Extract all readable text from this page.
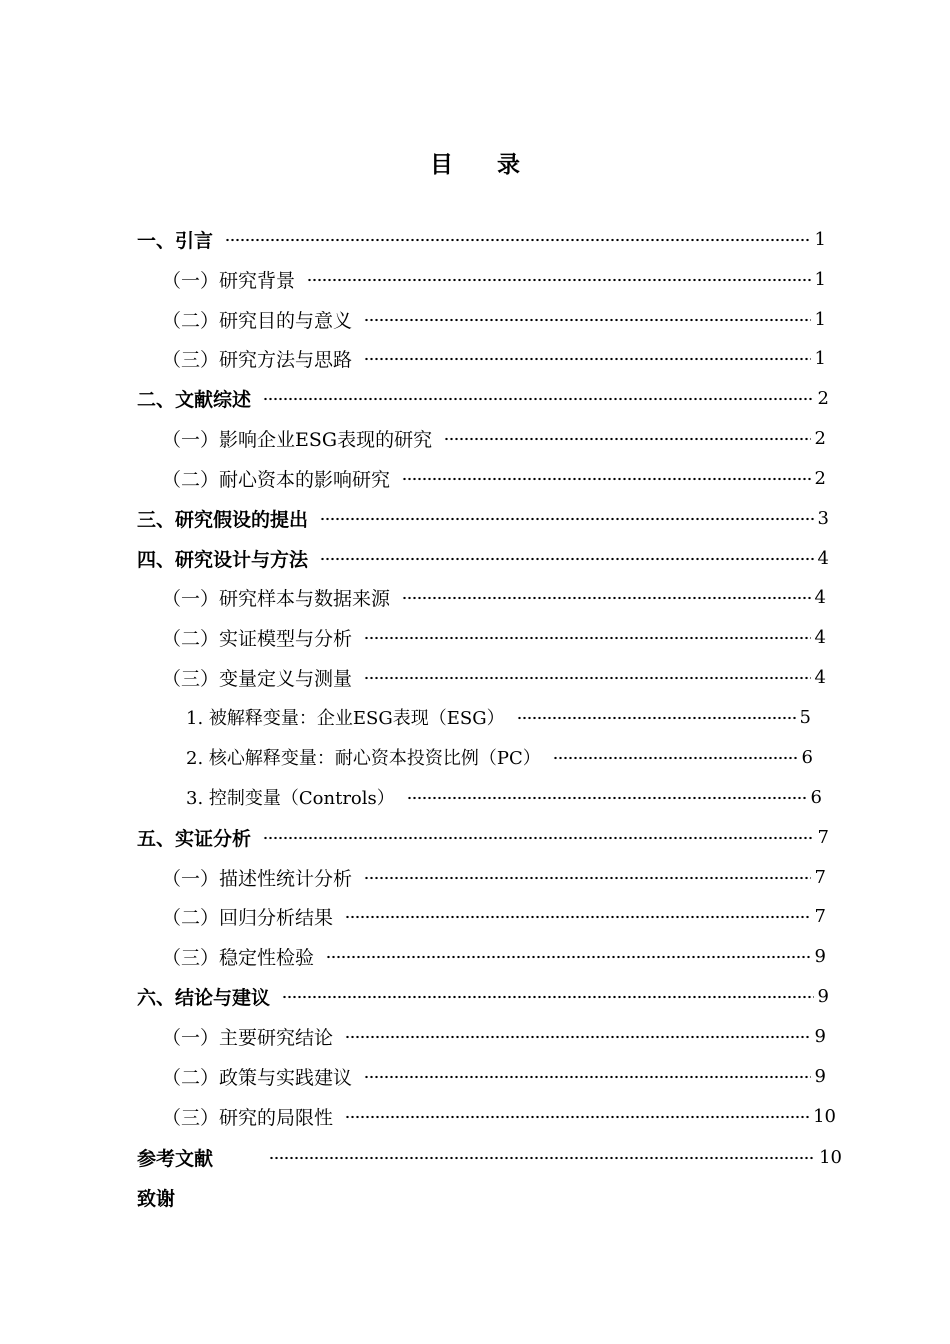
目 录
一、引言	1
（一）研究背景	1
（二）研究目的与意义	1
（三）研究方法与思路	1
二、文献综述	2
（一）影响企业ESG表现的研究	2
（二）耐心资本的影响研究	2
三、研究假设的提出	3
四、研究设计与方法	4
（一）研究样本与数据来源	4
（二）实证模型与分析	4
（三）变量定义与测量	4
1. 被解释变量：企业ESG表现（ESG）	5
2. 核心解释变量：耐心资本投资比例（PC）	6
3. 控制变量（Controls）	6
五、实证分析	7
（一）描述性统计分析	7
（二）回归分析结果	7
（三）稳定性检验	9
六、结论与建议	9
（一）主要研究结论	9
（二）政策与实践建议	9
（三）研究的局限性	10
参考文献	10
致谢
